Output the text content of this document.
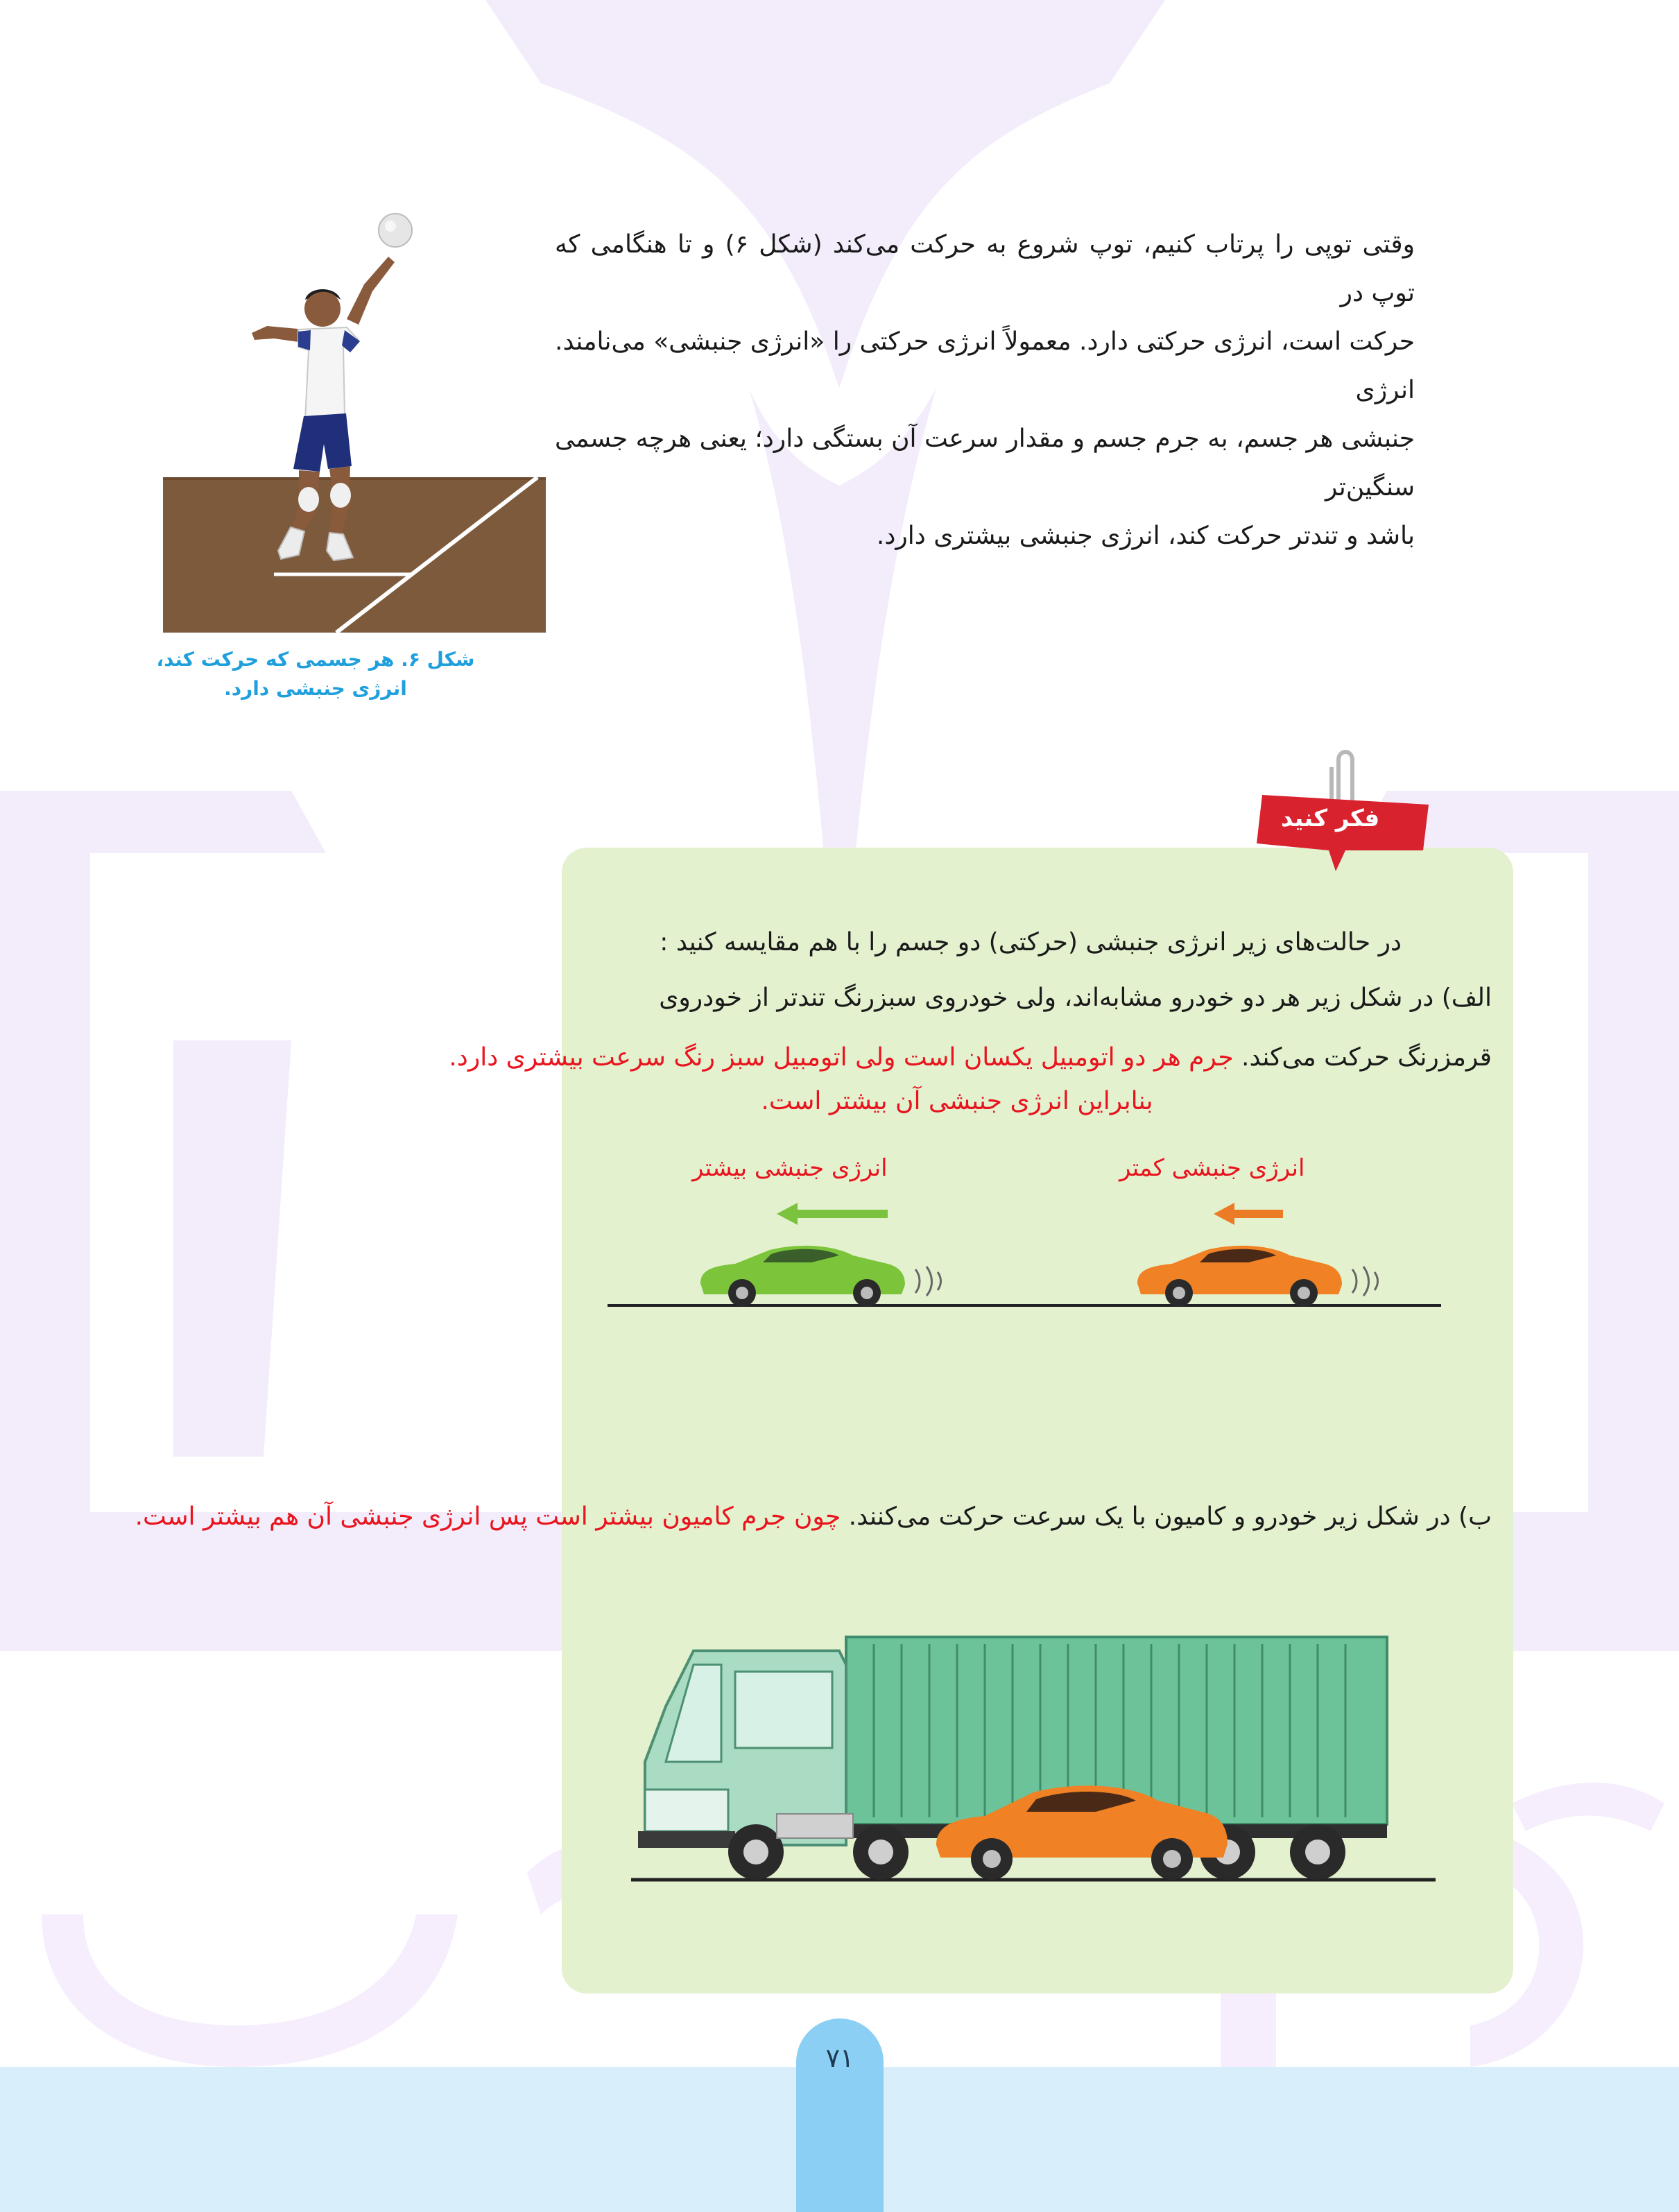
۷۱

وقتی توپی را پرتاب کنیم، توپ شروع به حرکت می‌کند (شکل ۶) و تا هنگامی که توپ در

حرکت است، انرژی حرکتی دارد. معمولاً انرژی حرکتی را «انرژی جنبشی» می‌نامند. انرژی

جنبشی هر جسم، به جرم جسم و مقدار سرعت آن بستگی دارد؛ یعنی هرچه جسمی سنگین‌تر

باشد و تندتر حرکت کند، انرژی جنبشی بیشتری دارد.

شکل ۶. هر جسمی که حرکت کند،
انرژی جنبشی دارد.
فکر کنید
در حالت‌های زیر انرژی جنبشی (حرکتی) دو جسم را با هم مقایسه کنید :
الف) در شکل زیر هر دو خودرو مشابه‌اند، ولی خودروی سبزرنگ تندتر از خودروی
قرمزرنگ حرکت می‌کند. جرم هر دو اتومبیل یکسان است ولی اتومبیل سبز رنگ سرعت بیشتری دارد.
بنابراین انرژی جنبشی آن بیشتر است.
انرژی جنبشی بیشتر	انرژی جنبشی کمتر
ب) در شکل زیر خودرو و کامیون با یک سرعت حرکت می‌کنند. چون جرم کامیون بیشتر است پس انرژی جنبشی آن هم بیشتر است.
